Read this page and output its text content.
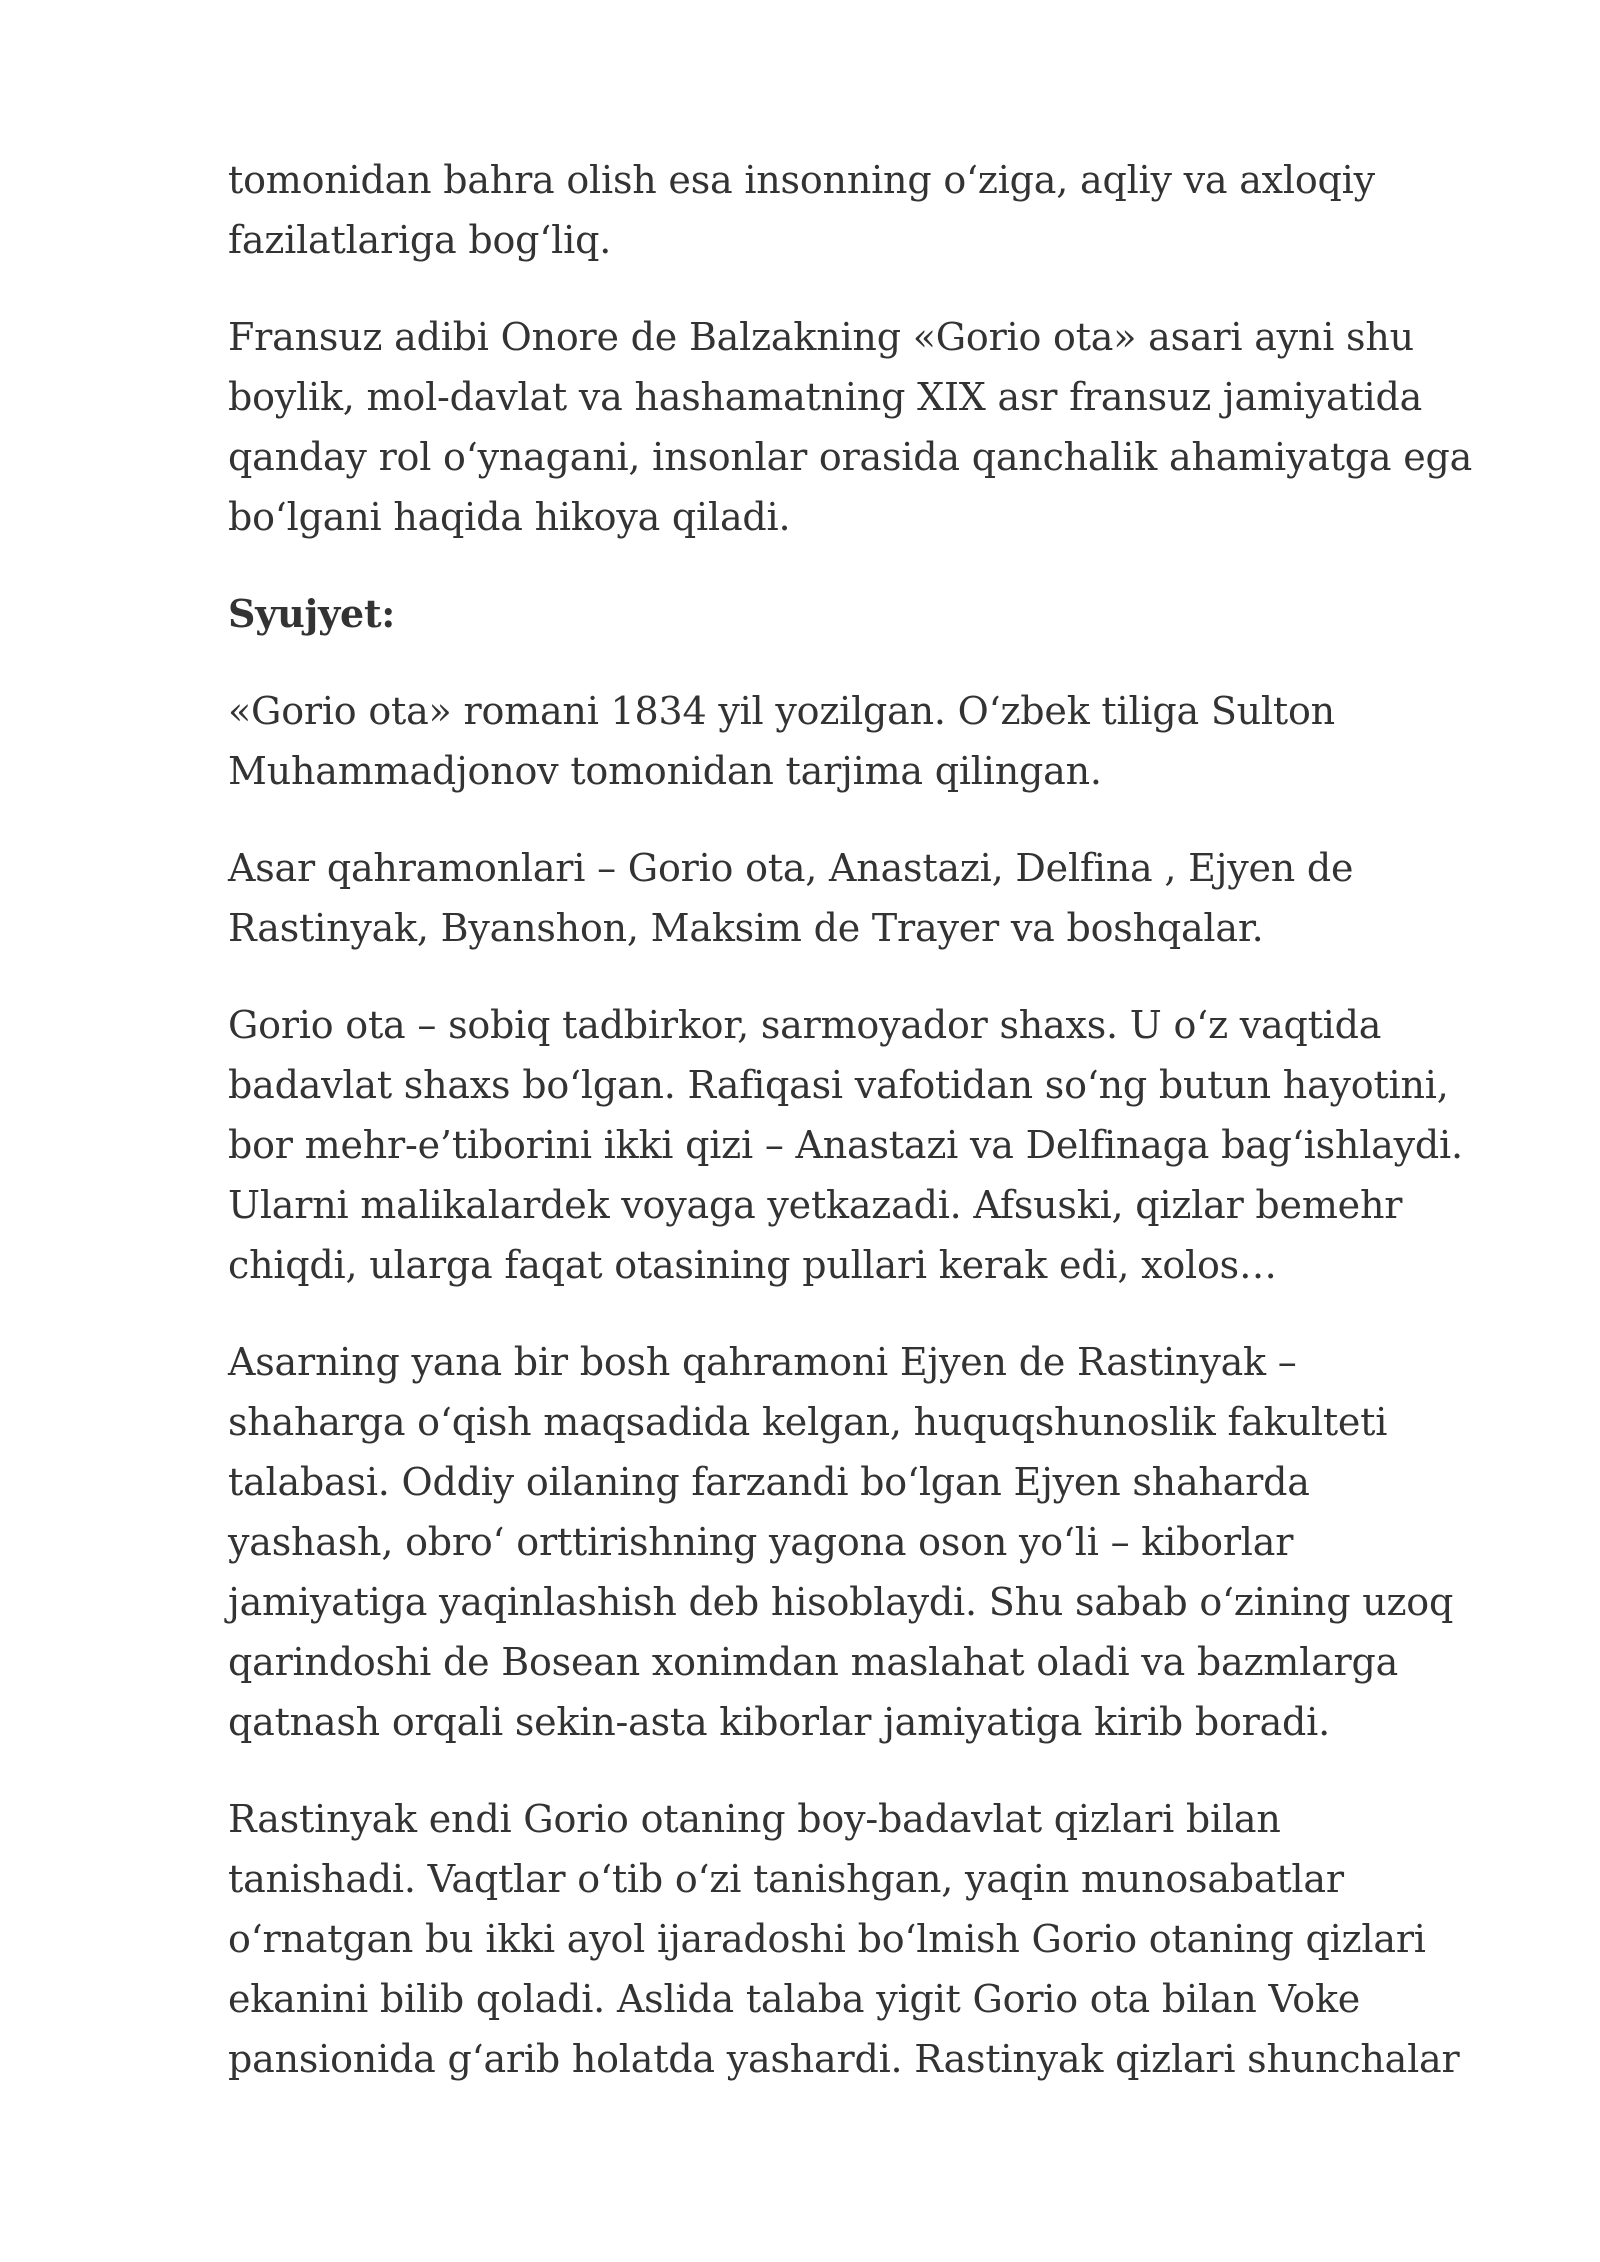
tomonidan bahra olish esa insonning o‘ziga, aqliy va axloqiy
fazilatlariga bog‘liq.

Fransuz adibi Onore de Balzakning «Gorio ota» asari ayni shu
boylik, mol-davlat va hashamatning XIX asr fransuz jamiyatida
qanday rol o‘ynagani, insonlar orasida qanchalik ahamiyatga ega
bo‘lgani haqida hikoya qiladi.

Syujyet:

«Gorio ota» romani 1834 yil yozilgan. O‘zbek tiliga Sulton
Muhammadjonov tomonidan tarjima qilingan.

Asar qahramonlari – Gorio ota, Anastazi, Delfina , Ejyen de
Rastinyak, Byanshon, Maksim de Trayer va boshqalar.

Gorio ota – sobiq tadbirkor, sarmoyador shaxs. U o‘z vaqtida
badavlat shaxs bo‘lgan. Rafiqasi vafotidan so‘ng butun hayotini,
bor mehr-e’tiborini ikki qizi – Anastazi va Delfinaga bag‘ishlaydi.
Ularni malikalardek voyaga yetkazadi. Afsuski, qizlar bemehr
chiqdi, ularga faqat otasining pullari kerak edi, xolos…

Asarning yana bir bosh qahramoni Ejyen de Rastinyak –
shaharga o‘qish maqsadida kelgan, huquqshunoslik fakulteti
talabasi. Oddiy oilaning farzandi bo‘lgan Ejyen shaharda
yashash, obro‘ orttirishning yagona oson yo‘li – kiborlar
jamiyatiga yaqinlashish deb hisoblaydi. Shu sabab o‘zining uzoq
qarindoshi de Bosean xonimdan maslahat oladi va bazmlarga
qatnash orqali sekin-asta kiborlar jamiyatiga kirib boradi.

Rastinyak endi Gorio otaning boy-badavlat qizlari bilan
tanishadi. Vaqtlar o‘tib o‘zi tanishgan, yaqin munosabatlar
o‘rnatgan bu ikki ayol ijaradoshi bo‘lmish Gorio otaning qizlari
ekanini bilib qoladi. Aslida talaba yigit Gorio ota bilan Voke
pansionida g‘arib holatda yashardi. Rastinyak qizlari shunchalar
